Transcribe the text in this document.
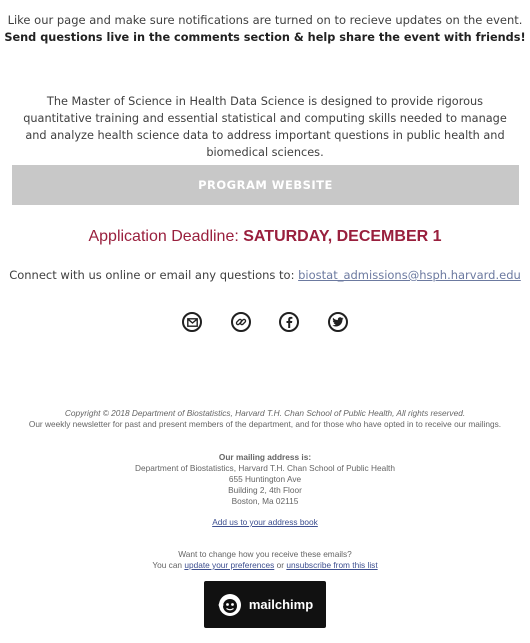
Like our page and make sure notifications are turned on to recieve updates on the event.
Send questions live in the comments section & help share the event with friends!
The Master of Science in Health Data Science is designed to provide rigorous quantitative training and essential statistical and computing skills needed to manage and analyze health science data to address important questions in public health and biomedical sciences.
PROGRAM WEBSITE
Application Deadline: SATURDAY, DECEMBER 1
Connect with us online or email any questions to: biostat_admissions@hsph.harvard.edu
Copyright © 2018 Department of Biostatistics, Harvard T.H. Chan School of Public Health, All rights reserved.
Our weekly newsletter for past and present members of the department, and for those who have opted in to receive our mailings.
Our mailing address is:
Department of Biostatistics, Harvard T.H. Chan School of Public Health
655 Huntington Ave
Building 2, 4th Floor
Boston, Ma 02115
Add us to your address book
Want to change how you receive these emails?
You can update your preferences or unsubscribe from this list
mailchimp
